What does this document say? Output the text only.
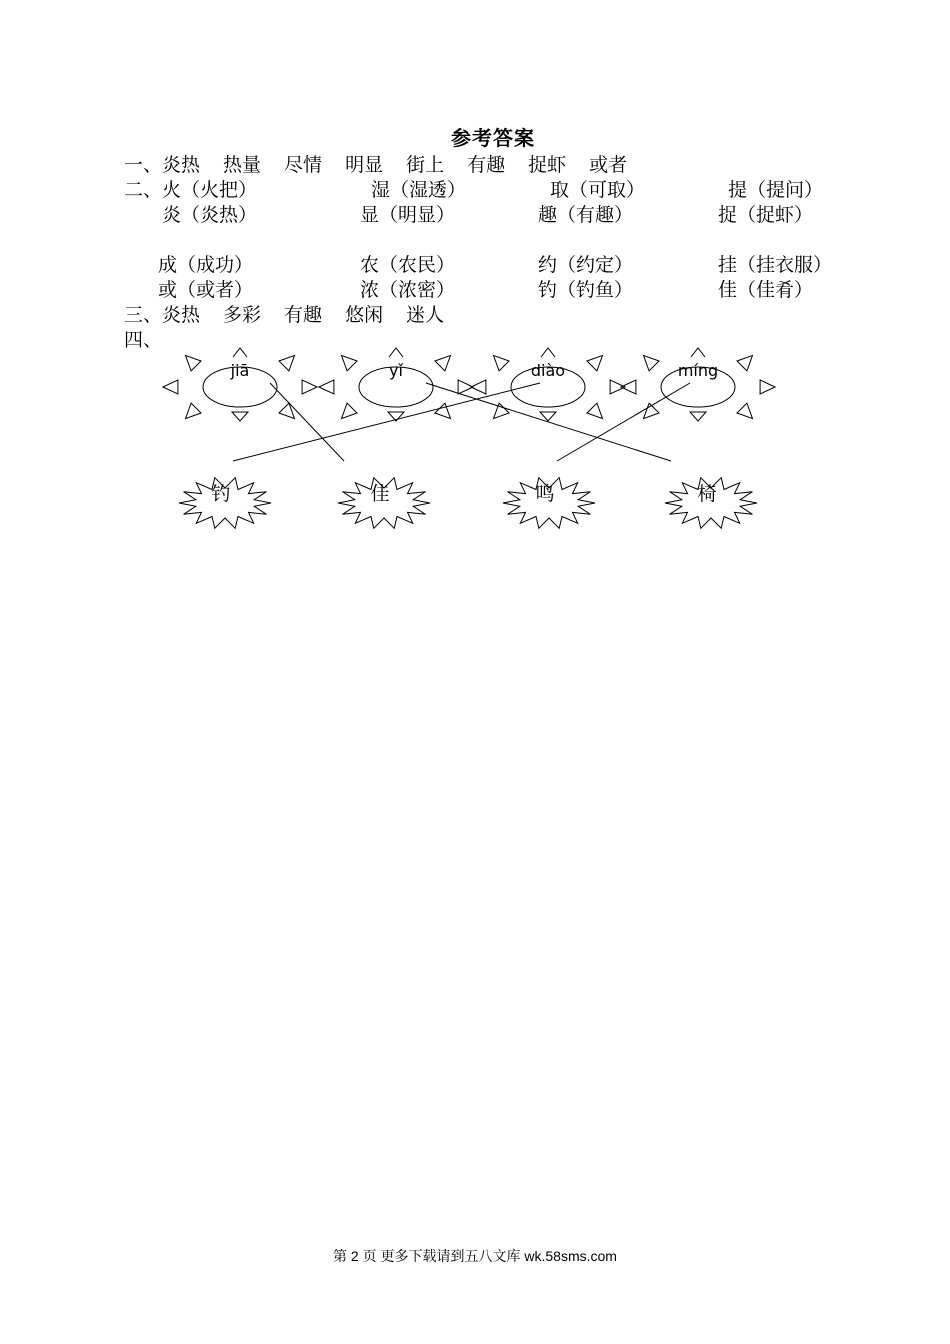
参考答案
一、炎热 热量 尽情 明显 街上 有趣 捉虾 或者
二、 火（火把）	湿（湿透）	取（可取）	提（提问）
炎（炎热）	显（明显）	趣（有趣）	捉（捉虾）
成（成功）	农（农民）	约（约定）	挂（挂衣服）
或（或者）	浓（浓密）	钓（钓鱼）	佳（佳肴）
三、炎热 多彩 有趣 悠闲 迷人
四、
jiā	yǐ	diào	míng
钓	佳	鸣	椅
第 2 页 更多下载请到五八文库 wk.58sms.com
